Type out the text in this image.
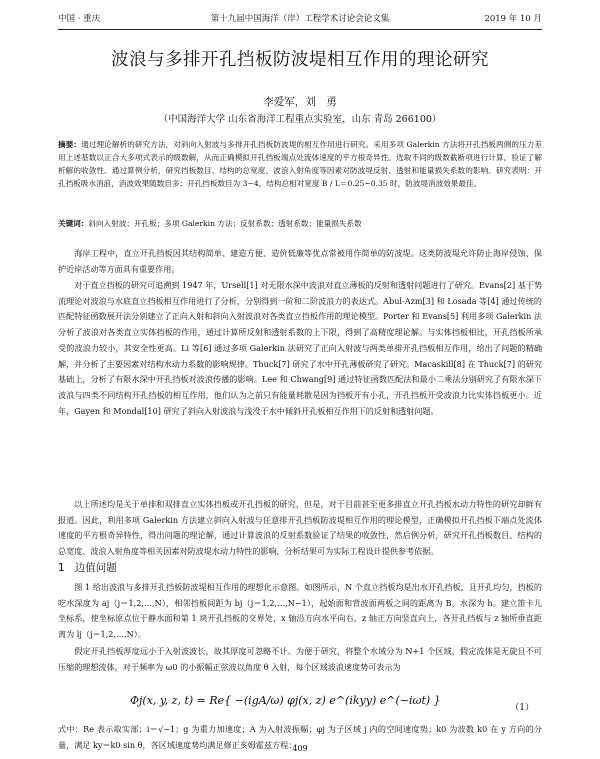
中国 · 重庆	第十九届中国海洋（岸）工程学术讨论会论文集	2019 年 10 月
波浪与多排开孔挡板防波堤相互作用的理论研究
李爱军，刘　勇
（中国海洋大学 山东省海洋工程重点实验室，山东 青岛 266100）
摘要：通过理论解析的研究方法，对斜向入射波与多排开孔挡板防波堤的相互作用进行研究。采用多项 Galerkin 方法将开孔挡板两侧的压力差用上述基数以正合大多项式表示的级数解，从而正确模拟开孔挡板端点处流体速度的平方根奇异性。选取不同的级数截断项进行计算，验证了解析解的收敛性。通过算例分析，研究挡板数目、结构的总宽度、波浪入射角度等因素对防波堤反射、透射和能量损失系数的影响。研究表明：开孔挡板吸水消浪，消波效果随数目多；开孔挡板数目为 3~4，结构总相对宽度 B / L＝0.25~0.35 时，防波堤消波效果最佳。
关键词：斜向入射波；开孔板；多项 Galerkin 方法；反射系数；透射系数；能量损失系数
海岸工程中，直立开孔挡板因其结构简单、建造方便、造价低廉等优点常被用作简单的防波堤。这类防波堤允许防止海岸侵蚀、保护近岸活动等方面具有重要作用。
对于直立挡板的研究可追溯到 1947 年，Ursell[1] 对无限水深中波浪对直立薄板的反射和透射问题进行了研究。Evans[2] 基于势流理论对波浪与水底直立挡板相互作用进行了分析，分别得到一阶和二阶波浪力的表达式。Abul-Azm[3] 和 Losada 等[4] 通过传统的匹配特征函数展开法分别建立了正向入射和斜向入射波浪对各类直立挡板作用的理论模型。Porter 和 Evans[5] 利用多项 Galerkin 法分析了波浪对各类直立实体挡板的作用，通过计算所反射和透射系数的上下限，得到了高精度理论解。与实体挡板相比，开孔挡板所承受的波浪力较小，其安全性更高。Li 等[6] 通过多项 Galerkin 法研究了正向入射波与两类单排开孔挡板相互作用，给出了问题的精确解，并分析了主要因素对结构水动力系数的影响规律。Thuck[7] 研究了水中开孔薄板研究了研究。Macaskill[8] 在 Thuck[7] 的研究基础上，分析了有限水深中开孔挡板对波浪传播的影响。Lee 和 Chwang[9] 通过特征函数匹配法和最小二乘法分别研究了有限水深下波浪与四类不同结构开孔挡板的相互作用，他们认为之前只有能量耗散是因为挡板开有小孔，开孔挡板开受波浪力比实体挡板更小。近年，Gayen 和 Mondal[10] 研究了斜向入射波浪与浅没于水中倾斜开孔板相互作用下的反射和透射问题。
以上所述均是关于单排和双排直立实体挡板或开孔挡板的研究，但是，对于目前甚至更多排直立开孔挡板水动力特性的研究却鲜有报道。因此，利用多项 Galerkin 方法建立斜向入射波与任意排开孔挡板防波堤相互作用的理论模型，正确模拟开孔挡板下端点处流体速度的平方根奇异特性，得出问题的理论解，通过计算波浪的反射系数验证了结果的收敛性，然后例分析，研究开孔挡板数目、结构的总宽度、波浪入射角度等相关因素对防波堤水动力特性的影响，分析结果可为实际工程设计提供参考依据。
1 边值问题
图 1 给出波浪与多排开孔挡板防波堤相互作用的理想化示意图。如图所示，N 个直立挡板均是出水开孔挡板，且开孔均匀，挡板的吃水深度为 aj（j＝1,2,…,N），相邻挡板间距为 bj（j＝1,2,…,N−1），起始面和背波面两板之间的距离为 B，水深为 h。建立笛卡儿坐标系，使坐标原点位于静水面和第 1 块开孔挡板的交界处，x 轴沿方向水平向右，z 轴正方向竖直向上，各开孔挡板与 z 轴所垂直距离为 lj（j＝1,2,…,N）。
假定开孔挡板厚度远小于入射波波长，故其厚度可忽略不计。为便于研究，将整个水域分为 N+1 个区域，假定流体是无旋且不可压缩的理想流体，对于频率为 ω0 的小振幅正弦波以角度 θ 入射，每个区域波浪速度势可表示为
Φj(x, y, z, t) = Re{ −(igA/ω) φj(x, z) e^(ikyy) e^(−iωt) }
（1）
式中：Re 表示取实部；i＝√−1；g 为重力加速度；A 为入射波振幅；φj 为子区域 j 内的空间速度势；k0 为波数 k0 在 y 方向的分量，满足 ky＝k0 sin θ，各区域速度势均满足修正亥姆霍兹方程：
409
